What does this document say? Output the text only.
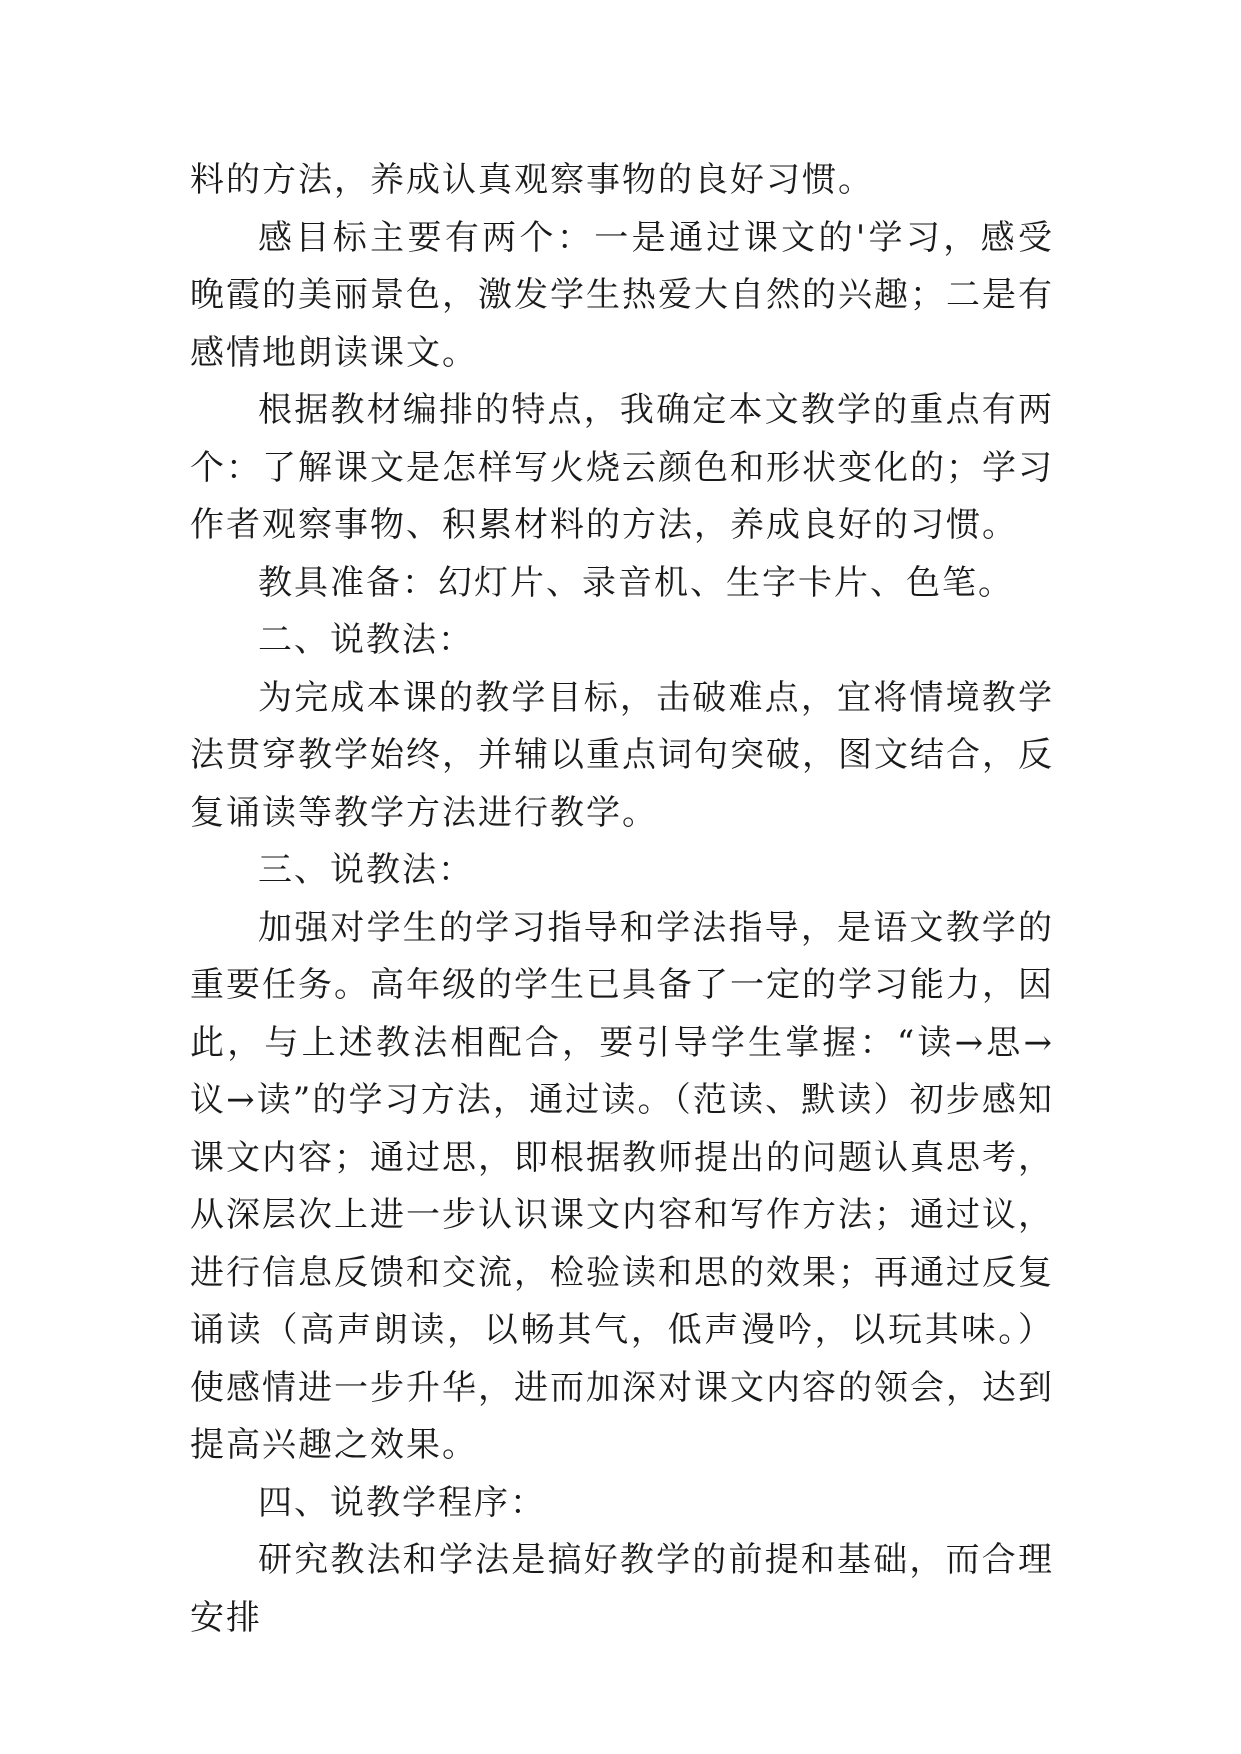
料的方法，养成认真观察事物的良好习惯。

感目标主要有两个：一是通过课文的'学习，感受晚霞的美丽景色，激发学生热爱大自然的兴趣；二是有感情地朗读课文。

根据教材编排的特点，我确定本文教学的重点有两个：了解课文是怎样写火烧云颜色和形状变化的；学习作者观察事物、积累材料的方法，养成良好的习惯。

教具准备：幻灯片、录音机、生字卡片、色笔。

二、说教法：

为完成本课的教学目标，击破难点，宜将情境教学法贯穿教学始终，并辅以重点词句突破，图文结合，反复诵读等教学方法进行教学。

三、说教法：

加强对学生的学习指导和学法指导，是语文教学的重要任务。高年级的学生已具备了一定的学习能力，因此，与上述教法相配合，要引导学生掌握：“读→思→议→读”的学习方法，通过读。（范读、默读）初步感知课文内容；通过思，即根据教师提出的问题认真思考，从深层次上进一步认识课文内容和写作方法；通过议，进行信息反馈和交流，检验读和思的效果；再通过反复诵读（高声朗读，以畅其气，低声漫吟，以玩其味。）使感情进一步升华，进而加深对课文内容的领会，达到提高兴趣之效果。

四、说教学程序：

研究教法和学法是搞好教学的前提和基础，而合理安排
